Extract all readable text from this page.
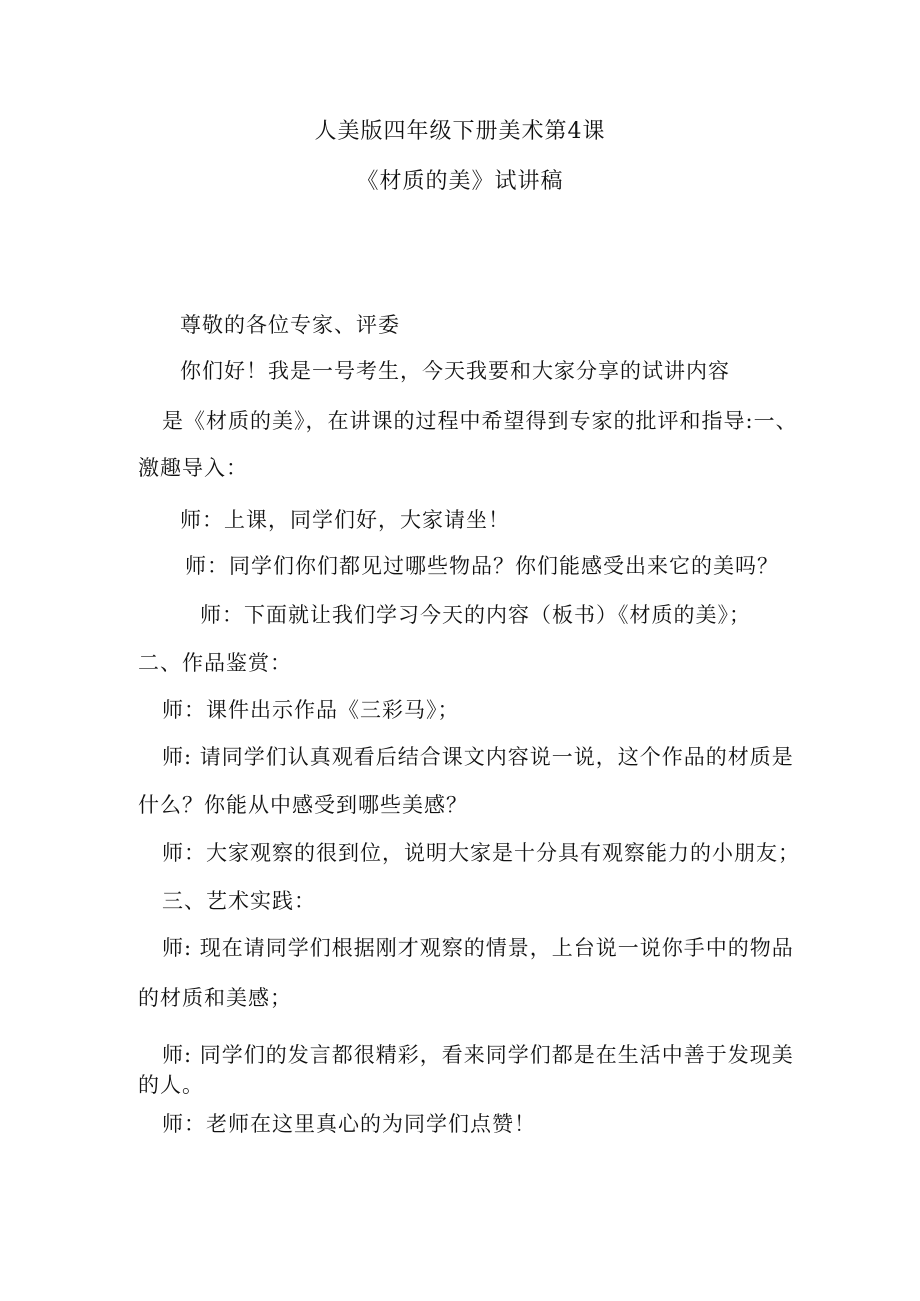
人美版四年级下册美术第4课
《材质的美》试讲稿
尊敬的各位专家、评委
你们好！我是一号考生，今天我要和大家分享的试讲内容
是《材质的美》，在讲课的过程中希望得到专家的批评和指导:一、
激趣导入：
师：上课，同学们好，大家请坐！
师：同学们你们都见过哪些物品？你们能感受出来它的美吗？
师：下面就让我们学习今天的内容（板书）《材质的美》；
二、作品鉴赏：
师：课件出示作品《三彩马》；
师: 请同学们认真观看后结合课文内容说一说，这个作品的材质是
什么？你能从中感受到哪些美感？
师：大家观察的很到位，说明大家是十分具有观察能力的小朋友；
三、艺术实践：
师: 现在请同学们根据刚才观察的情景，上台说一说你手中的物品
的材质和美感；
师: 同学们的发言都很精彩，看来同学们都是在生活中善于发现美
的人。
师：老师在这里真心的为同学们点赞！
